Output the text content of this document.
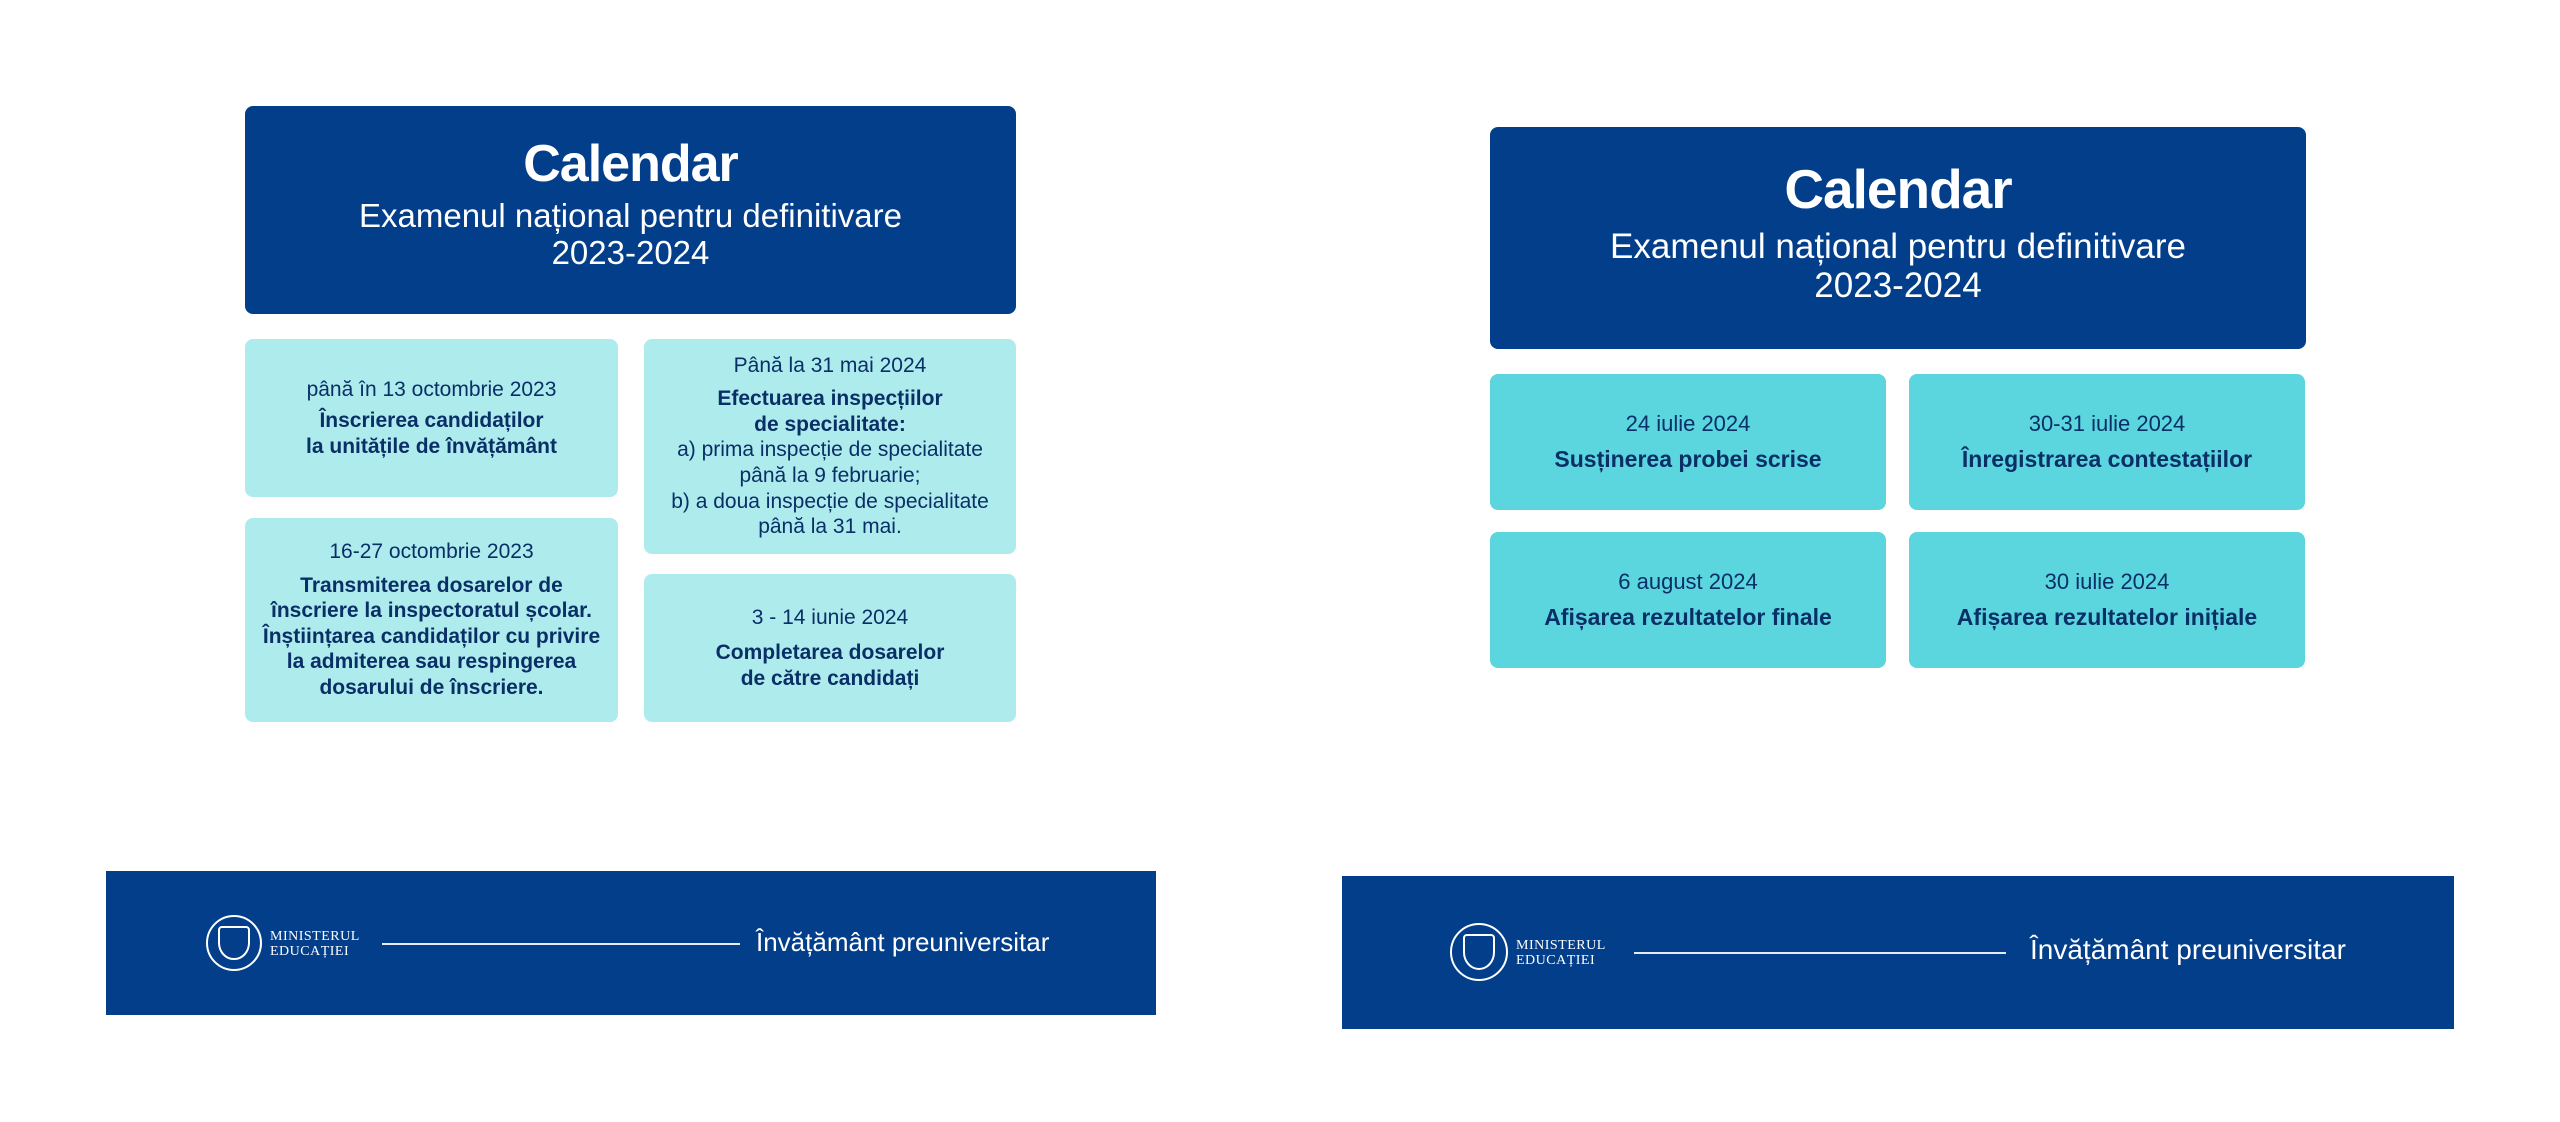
Calendar
Examenul național pentru definitivare
2023-2024
până în 13 octombrie 2023
Înscrierea candidaților
la unitățile de învățământ
16-27 octombrie 2023
Transmiterea dosarelor de
înscriere la inspectoratul școlar.
Înștiințarea candidaților cu privire
la admiterea sau respingerea
dosarului de înscriere.
Până la 31 mai 2024
Efectuarea inspecțiilor
de specialitate:
a) prima inspecție de specialitate
până la 9 februarie;
b) a doua inspecție de specialitate
până la 31 mai.
3 - 14 iunie 2024
Completarea dosarelor
de către candidați
MINISTERUL
EDUCAȚIEI	Învățământ preuniversitar
Calendar
Examenul național pentru definitivare
2023-2024
24 iulie 2024
Susținerea probei scrise
30-31 iulie 2024
Înregistrarea contestațiilor
6 august 2024
Afișarea rezultatelor finale
30 iulie 2024
Afișarea rezultatelor inițiale
MINISTERUL
EDUCAȚIEI	Învățământ preuniversitar
